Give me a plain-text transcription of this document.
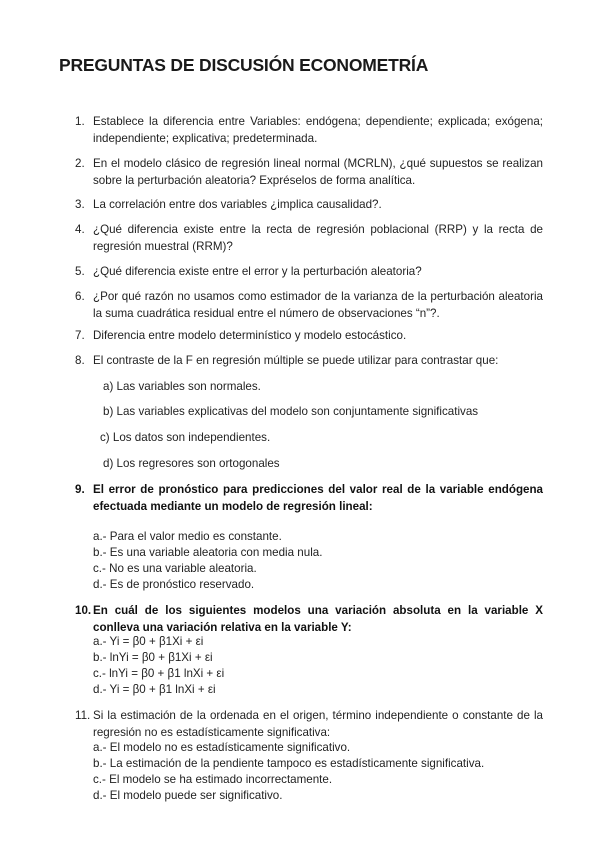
PREGUNTAS DE DISCUSIÓN ECONOMETRÍA
1. Establece la diferencia entre Variables: endógena; dependiente; explicada; exógena; independiente; explicativa; predeterminada.
2. En el modelo clásico de regresión lineal normal (MCRLN), ¿qué supuestos se realizan sobre la perturbación aleatoria? Expréselos de forma analítica.
3. La correlación entre dos variables ¿implica causalidad?.
4. ¿Qué diferencia existe entre la recta de regresión poblacional (RRP) y la recta de regresión muestral (RRM)?
5. ¿Qué diferencia existe entre el error y la perturbación aleatoria?
6. ¿Por qué razón no usamos como estimador de la varianza de la perturbación aleatoria la suma cuadrática residual entre el número de observaciones “n”?.
7. Diferencia entre modelo determinístico y modelo estocástico.
8. El contraste de la F en regresión múltiple se puede utilizar para contrastar que:
a) Las variables son normales.
b) Las variables explicativas del modelo son conjuntamente significativas
c) Los datos son independientes.
d) Los regresores son ortogonales
9. El error de pronóstico para predicciones del valor real de la variable endógena efectuada mediante un modelo de regresión lineal:
a.- Para el valor medio es constante.
b.- Es una variable aleatoria con media nula.
c.- No es una variable aleatoria.
d.- Es de pronóstico reservado.
10. En cuál de los siguientes modelos una variación absoluta en la variable X conlleva una variación relativa en la variable Y:
a.- Yi = β0 + β1Xi + εi
b.- lnYi = β0 + β1Xi + εi
c.- lnYi = β0 + β1 lnXi + εi
d.- Yi = β0 + β1 lnXi + εi
11. Si la estimación de la ordenada en el origen, término independiente o constante de la regresión no es estadísticamente significativa:
a.- El modelo no es estadísticamente significativo.
b.- La estimación de la pendiente tampoco es estadísticamente significativa.
c.- El modelo se ha estimado incorrectamente.
d.- El modelo puede ser significativo.
